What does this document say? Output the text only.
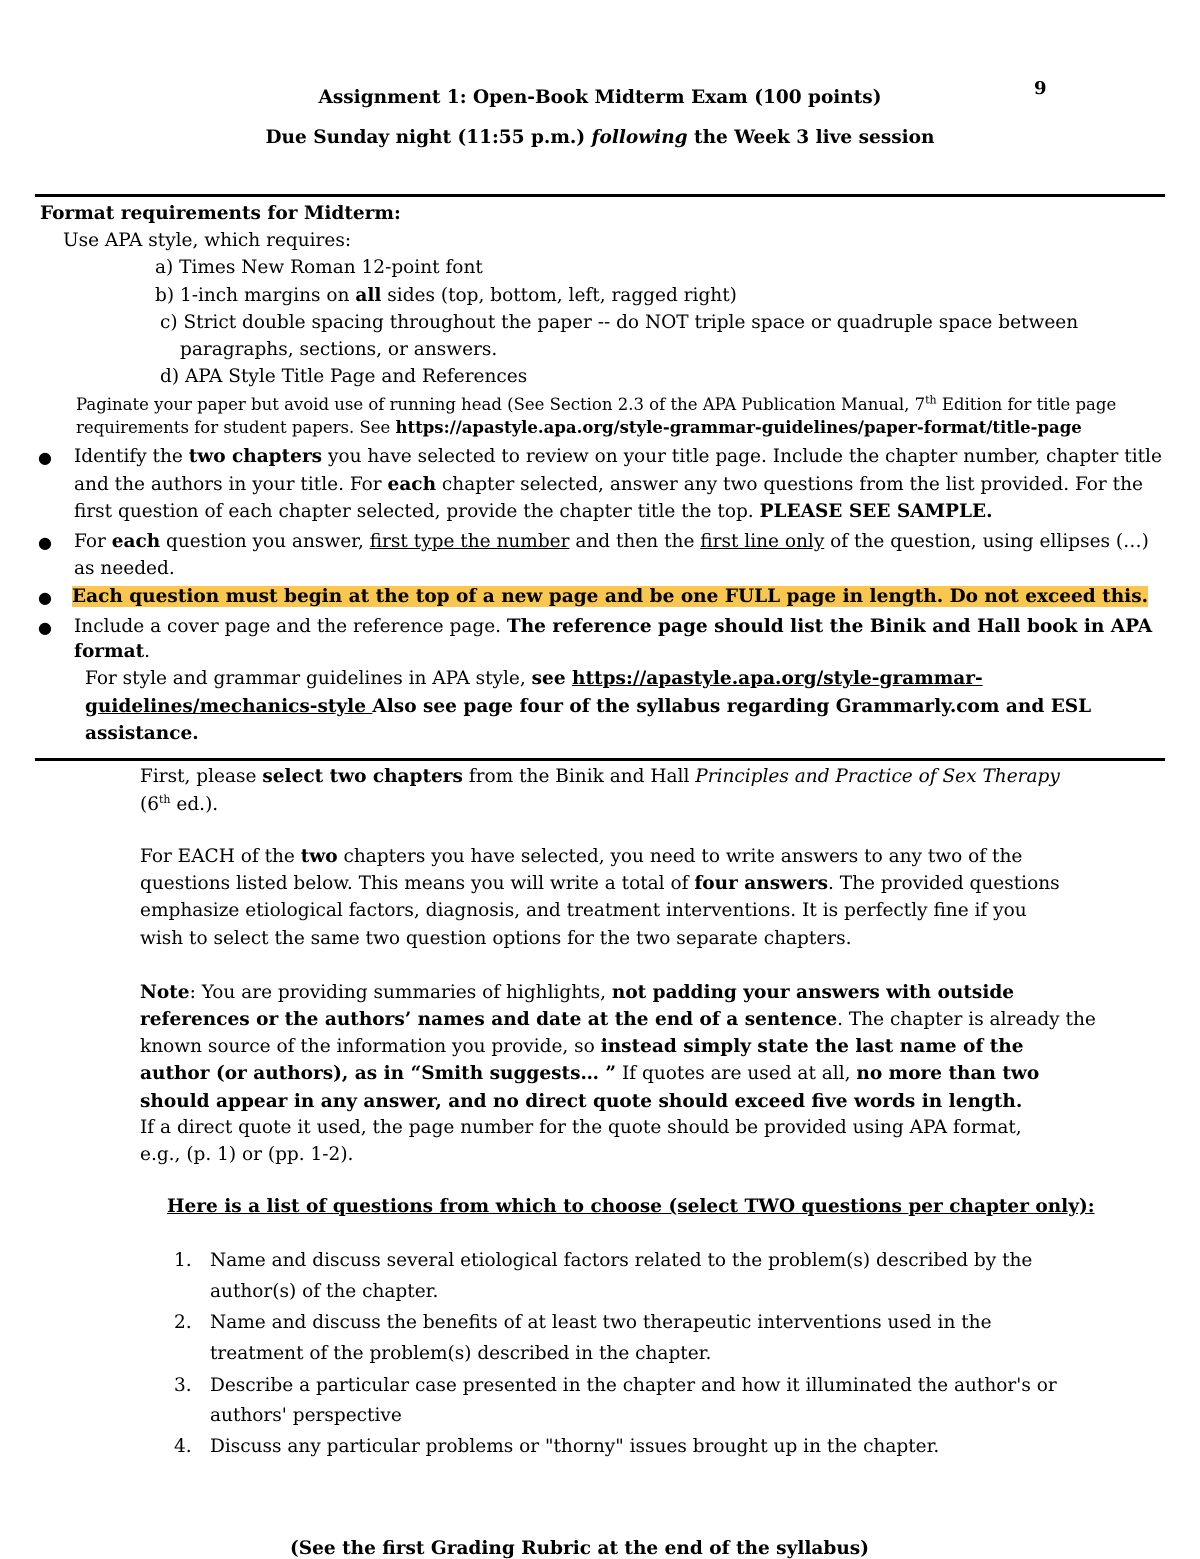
9
Assignment 1: Open-Book Midterm Exam (100 points)
Due Sunday night (11:55 p.m.) following the Week 3 live session
Format requirements for Midterm:
Use APA style, which requires:
a) Times New Roman 12-point font
b) 1-inch margins on all sides (top, bottom, left, ragged right)
c) Strict double spacing throughout the paper -- do NOT triple space or quadruple space between
paragraphs, sections, or answers.
d) APA Style Title Page and References
Paginate your paper but avoid use of running head (See Section 2.3 of the APA Publication Manual, 7th Edition for title page
requirements for student papers. See https://apastyle.apa.org/style-grammar-guidelines/paper-format/title-page
● Identify the two chapters you have selected to review on your title page. Include the chapter number, chapter title
and the authors in your title. For each chapter selected, answer any two questions from the list provided. For the
first question of each chapter selected, provide the chapter title the top. PLEASE SEE SAMPLE.
● For each question you answer, first type the number and then the first line only of the question, using ellipses (…)
as needed.
● Each question must begin at the top of a new page and be one FULL page in length. Do not exceed this.
● Include a cover page and the reference page. The reference page should list the Binik and Hall book in APA
format.
For style and grammar guidelines in APA style, see https://apastyle.apa.org/style-grammar-
guidelines/mechanics-style Also see page four of the syllabus regarding Grammarly.com and ESL
assistance.
First, please select two chapters from the Binik and Hall Principles and Practice of Sex Therapy
(6th ed.).
For EACH of the two chapters you have selected, you need to write answers to any two of the
questions listed below. This means you will write a total of four answers. The provided questions
emphasize etiological factors, diagnosis, and treatment interventions. It is perfectly fine if you
wish to select the same two question options for the two separate chapters.
Note: You are providing summaries of highlights, not padding your answers with outside
references or the authors’ names and date at the end of a sentence. The chapter is already the
known source of the information you provide, so instead simply state the last name of the
author (or authors), as in “Smith suggests… ” If quotes are used at all, no more than two
should appear in any answer, and no direct quote should exceed five words in length.
If a direct quote it used, the page number for the quote should be provided using APA format,
e.g., (p. 1) or (pp. 1-2).
Here is a list of questions from which to choose (select TWO questions per chapter only):
1. Name and discuss several etiological factors related to the problem(s) described by the
author(s) of the chapter.
2. Name and discuss the benefits of at least two therapeutic interventions used in the
treatment of the problem(s) described in the chapter.
3. Describe a particular case presented in the chapter and how it illuminated the author's or
authors' perspective
4. Discuss any particular problems or "thorny" issues brought up in the chapter.
(See the first Grading Rubric at the end of the syllabus)
